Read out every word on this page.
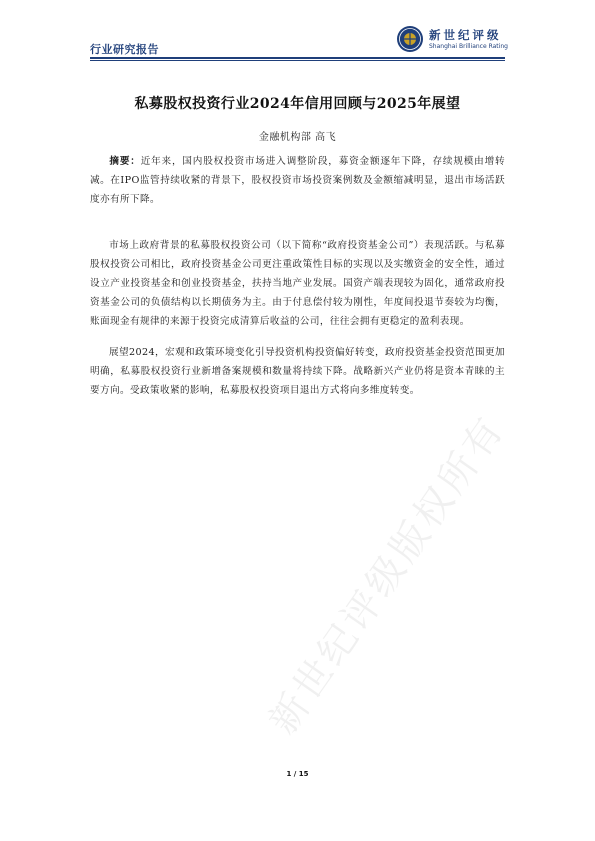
行业研究报告
新世纪评级
Shanghai Brilliance Rating
私募股权投资行业2024年信用回顾与2025年展望
金融机构部 高飞

摘要：近年来，国内股权投资市场进入调整阶段，募资金额逐年下降，存续规模由增转减。在IPO监管持续收紧的背景下，股权投资市场投资案例数及金额缩减明显，退出市场活跃度亦有所下降。

市场上政府背景的私募股权投资公司（以下简称“政府投资基金公司”）表现活跃。与私募股权投资公司相比，政府投资基金公司更注重政策性目标的实现以及实缴资金的安全性，通过设立产业投资基金和创业投资基金，扶持当地产业发展。国资产端表现较为固化，通常政府投资基金公司的负债结构以长期债务为主。由于付息偿付较为刚性，年度间投退节奏较为均衡，账面现金有规律的来源于投资完成清算后收益的公司，往往会拥有更稳定的盈利表现。

展望2024，宏观和政策环境变化引导投资机构投资偏好转变，政府投资基金投资范围更加明确，私募股权投资行业新增备案规模和数量将持续下降。战略新兴产业仍将是资本青睐的主要方向。受政策收紧的影响，私募股权投资项目退出方式将向多维度转变。

新世纪评级版权所有
1 / 15
